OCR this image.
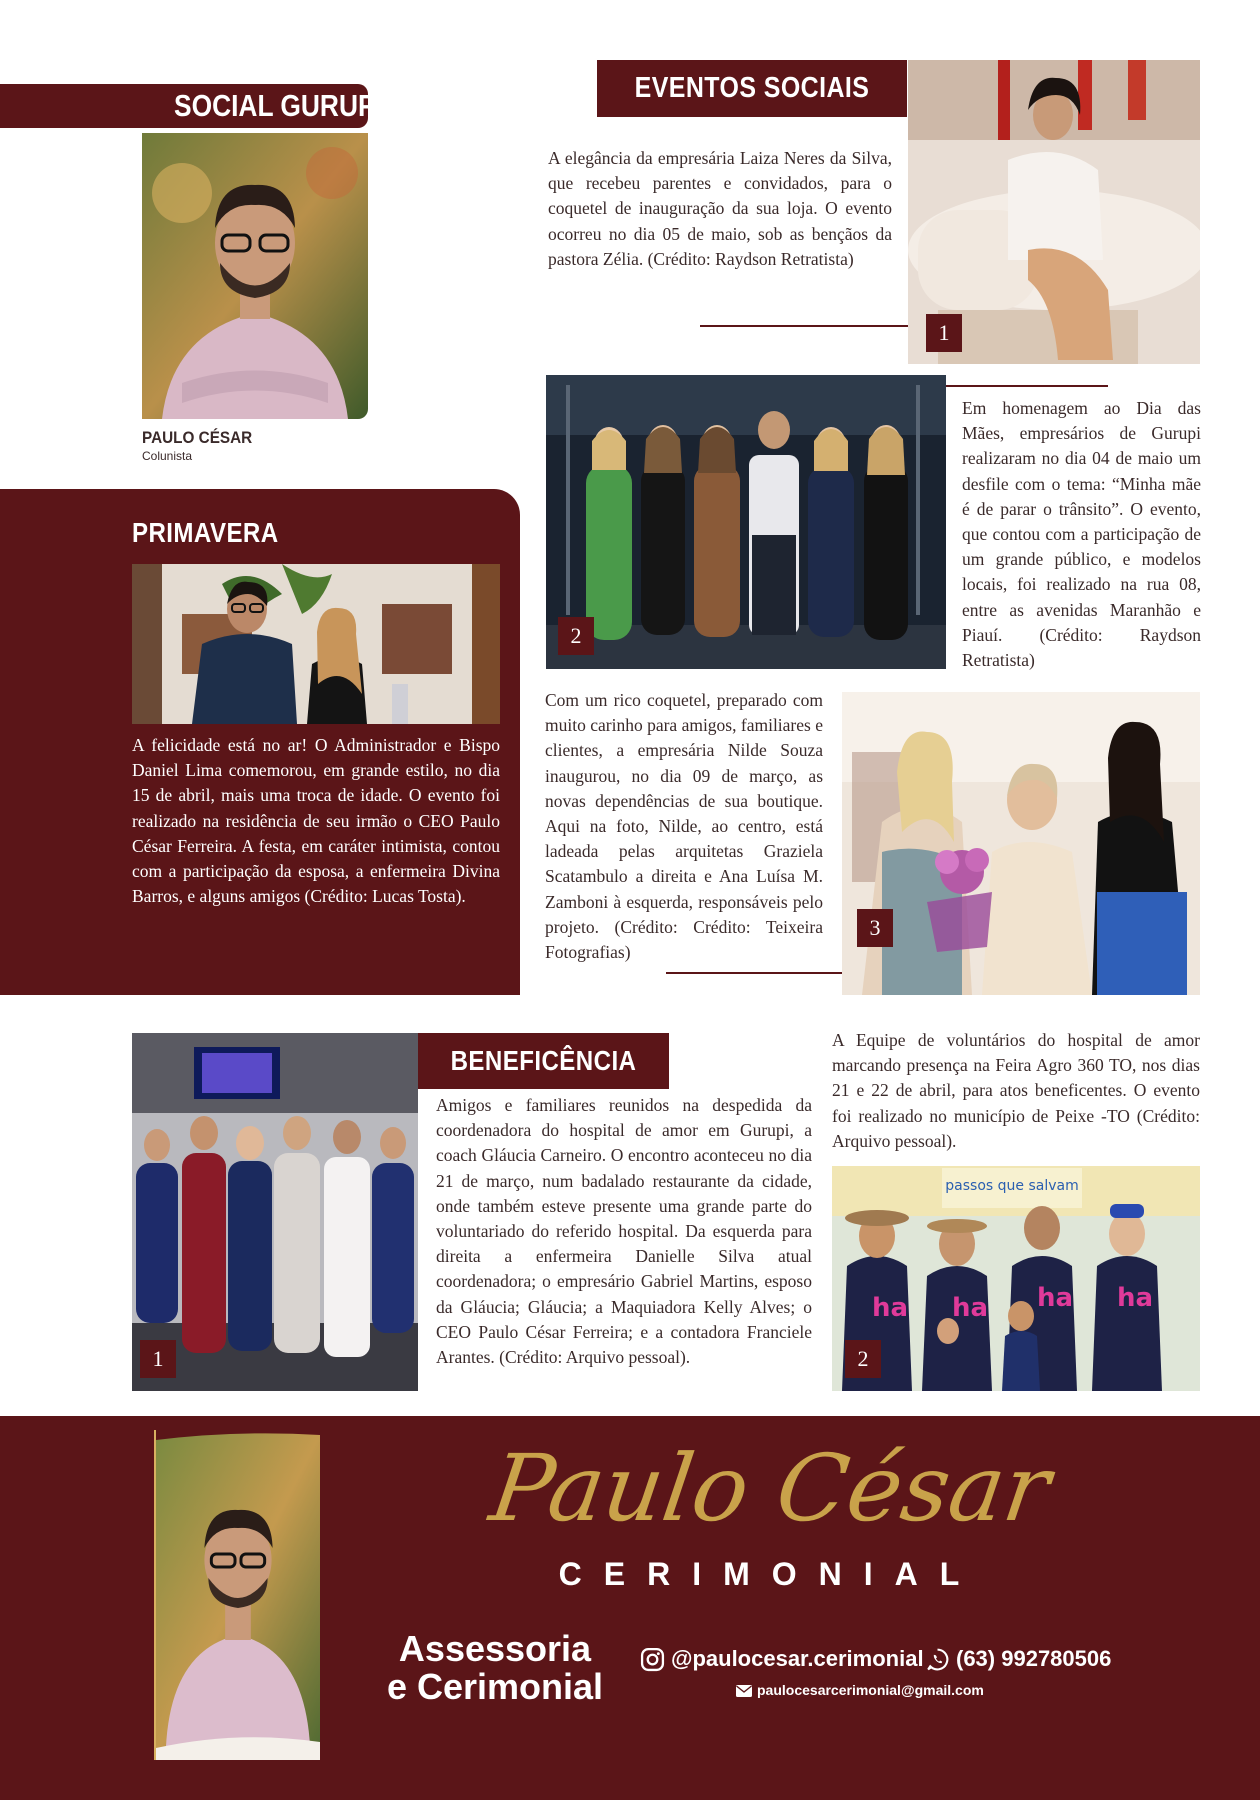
SOCIAL GURUPI
PAULO CÉSAR
Colunista
EVENTOS SOCIAIS
1
A elegância da empresária Laiza Neres da Silva, que recebeu parentes e convidados, para o coquetel de inauguração da sua loja. O evento ocorreu no dia 05 de maio, sob as bençãos da pastora Zélia. (Crédito: Raydson Retratista)
2
Em homenagem ao Dia das Mães, empresários de Gurupi realizaram no dia 04 de maio um desfile com o tema: “Minha mãe é de parar o trânsito”. O evento, que contou com a participação de um grande público, e modelos locais, foi realizado na rua 08, entre as avenidas Maranhão e Piauí. (Crédito: Raydson Retratista)
Com um rico coquetel, preparado com muito carinho para amigos, familiares e clientes, a empresária Nilde Souza inaugurou, no dia 09 de março, as novas dependências de sua boutique. Aqui na foto, Nilde, ao centro, está ladeada pelas arquitetas Graziela Scatambulo a direita e Ana Luísa M. Zamboni à esquerda, responsáveis pelo projeto. (Crédito: Crédito: Teixeira Fotografias)
3
PRIMAVERA
A felicidade está no ar! O Administrador e Bispo Daniel Lima comemorou, em grande estilo, no dia 15 de abril, mais uma troca de idade. O evento foi realizado na residência de seu irmão o CEO Paulo César Ferreira. A festa, em caráter intimista, contou com a participação da esposa, a enfermeira Divina Barros, e alguns amigos (Crédito: Lucas Tosta).
1
BENEFICÊNCIA
Amigos e familiares reunidos na despedida da coordenadora do hospital de amor em Gurupi, a coach Gláucia Carneiro. O encontro aconteceu no dia 21 de março, num badalado restaurante da cidade, onde também esteve presente uma grande parte do voluntariado do referido hospital. Da esquerda para direita a enfermeira Danielle Silva atual coordenadora; o empresário Gabriel Martins, esposo da Gláucia; Gláucia; a Maquiadora Kelly Alves; o CEO Paulo César Ferreira; e a contadora Franciele Arantes. (Crédito: Arquivo pessoal).
A Equipe de voluntários do hospital de amor marcando presença na Feira Agro 360 TO, nos dias 21 e 22 de abril, para atos beneficentes. O evento foi realizado no município de Peixe -TO (Crédito: Arquivo pessoal).
passos que salvam
ha ha ha ha
2
Paulo César
CERIMONIAL
Assessoria
e Cerimonial
@paulocesar.cerimonial (63) 992780506
paulocesarcerimonial@gmail.com
